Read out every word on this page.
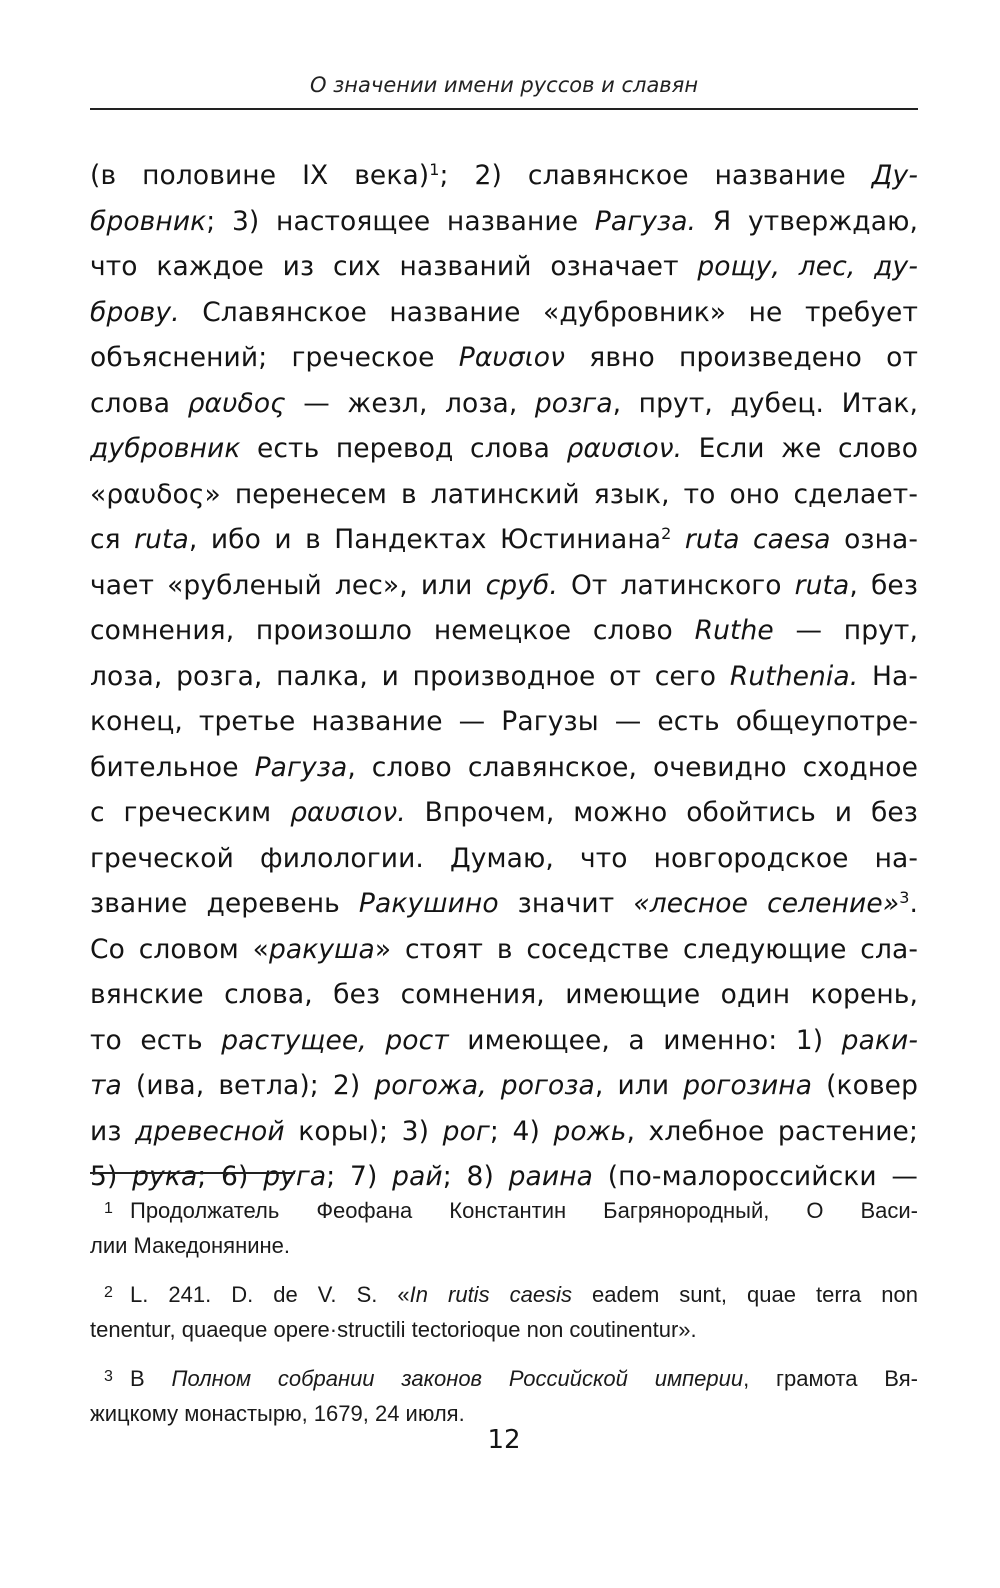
О значении имени руссов и славян
(в половине IX века)$^1$; 2) славянское название Ду-
бровник; 3) настоящее название Рагуза. Я утверждаю,
что каждое из сих названий означает рощу, лес, ду-
брову. Славянское название «дубровник» не требует
объяснений; греческое Ραυσιον явно произведено от
слова ραυδος — жезл, лоза, розга, прут, дубец. Итак,
дубровник есть перевод слова ραυσιον. Если же слово
«ραυδος» перенесем в латинский язык, то оно сделает-
ся ruta, ибо и в Пандектах Юстиниана$^2$ ruta caesa озна-
чает «рубленый лес», или сруб. От латинского ruta, без
сомнения, произошло немецкое слово Ruthe — прут,
лоза, розга, палка, и производное от сего Ruthenia. На-
конец, третье название — Рагузы — есть общеупотре-
бительное Рагуза, слово славянское, очевидно сходное
с греческим ραυσιον. Впрочем, можно обойтись и без
греческой филологии. Думаю, что новгородское на-
звание деревень Ракушино значит «лесное селение»$^3$.
Со словом «ракуша» стоят в соседстве следующие сла-
вянские слова, без сомнения, имеющие один корень,
то есть растущее, рост имеющее, а именно: 1) раки-
та (ива, ветла); 2) рогожа, рогоза, или рогозина (ковер
из древесной коры); 3) рог; 4) рожь, хлебное растение;
5) рука; 6) руга; 7) рай; 8) раина (по-малороссийски —
1 Продолжатель Феофана Константин Багрянородный, О Васи-
лии Македонянине.
2 L. 241. D. de V. S. «In rutis caesis eadem sunt, quae terra non
tenentur, quaeque opere·structili tectorioque non coutinentur».
3 В Полном собрании законов Российской империи, грамота Вя-
жицкому монастырю, 1679, 24 июля.
12
